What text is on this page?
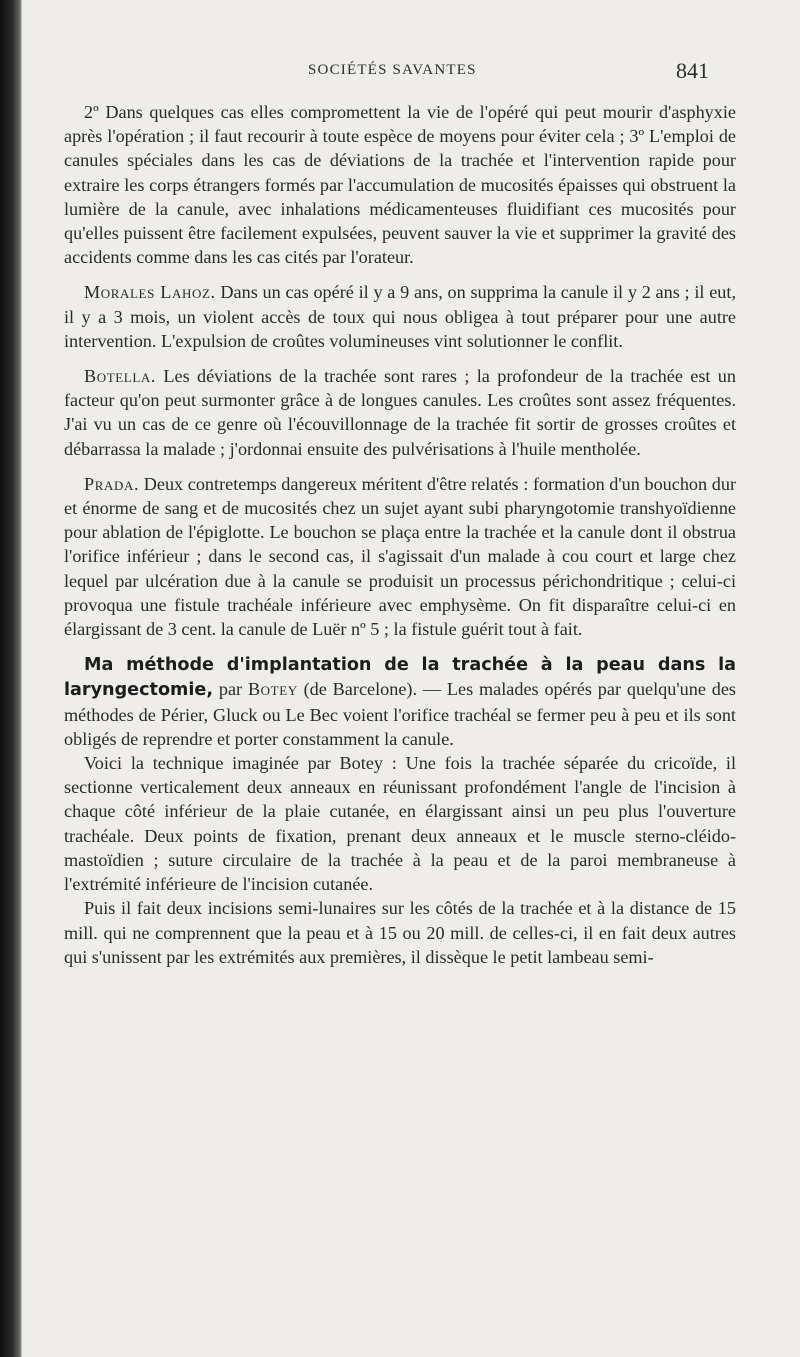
SOCIÉTÉS SAVANTES	841

2º Dans quelques cas elles compromettent la vie de l'opéré qui peut mourir d'asphyxie après l'opération ; il faut recourir à toute espèce de moyens pour éviter cela ; 3º L'emploi de canules spéciales dans les cas de déviations de la trachée et l'intervention rapide pour extraire les corps étrangers formés par l'accumulation de mucosités épaisses qui obstruent la lumière de la canule, avec inhalations médicamenteuses fluidifiant ces mucosités pour qu'elles puissent être facilement expulsées, peuvent sauver la vie et supprimer la gravité des accidents comme dans les cas cités par l'orateur.

Morales Lahoz. Dans un cas opéré il y a 9 ans, on supprima la canule il y 2 ans ; il eut, il y a 3 mois, un violent accès de toux qui nous obligea à tout préparer pour une autre intervention. L'expulsion de croûtes volumineuses vint solutionner le conflit.

Botella. Les déviations de la trachée sont rares ; la profondeur de la trachée est un facteur qu'on peut surmonter grâce à de longues canules. Les croûtes sont assez fréquentes. J'ai vu un cas de ce genre où l'écouvillonnage de la trachée fit sortir de grosses croûtes et débarrassa la malade ; j'ordonnai ensuite des pulvérisations à l'huile mentholée.

Prada. Deux contretemps dangereux méritent d'être relatés : formation d'un bouchon dur et énorme de sang et de mucosités chez un sujet ayant subi pharyngotomie transhyoïdienne pour ablation de l'épiglotte. Le bouchon se plaça entre la trachée et la canule dont il obstrua l'orifice inférieur ; dans le second cas, il s'agissait d'un malade à cou court et large chez lequel par ulcération due à la canule se produisit un processus périchondritique ; celui-ci provoqua une fistule trachéale inférieure avec emphysème. On fit disparaître celui-ci en élargissant de 3 cent. la canule de Luër nº 5 ; la fistule guérit tout à fait.

Ma méthode d'implantation de la trachée à la peau dans la laryngectomie, par Botey (de Barcelone). — Les malades opérés par quelqu'une des méthodes de Périer, Gluck ou Le Bec voient l'orifice trachéal se fermer peu à peu et ils sont obligés de reprendre et porter constamment la canule.

Voici la technique imaginée par Botey : Une fois la trachée séparée du cricoïde, il sectionne verticalement deux anneaux en réunissant profondément l'angle de l'incision à chaque côté inférieur de la plaie cutanée, en élargissant ainsi un peu plus l'ouverture trachéale. Deux points de fixation, prenant deux anneaux et le muscle sterno-cléido-mastoïdien ; suture circulaire de la trachée à la peau et de la paroi membraneuse à l'extrémité inférieure de l'incision cutanée.

Puis il fait deux incisions semi-lunaires sur les côtés de la trachée et à la distance de 15 mill. qui ne comprennent que la peau et à 15 ou 20 mill. de celles-ci, il en fait deux autres qui s'unissent par les extrémités aux premières, il dissèque le petit lambeau semi-
